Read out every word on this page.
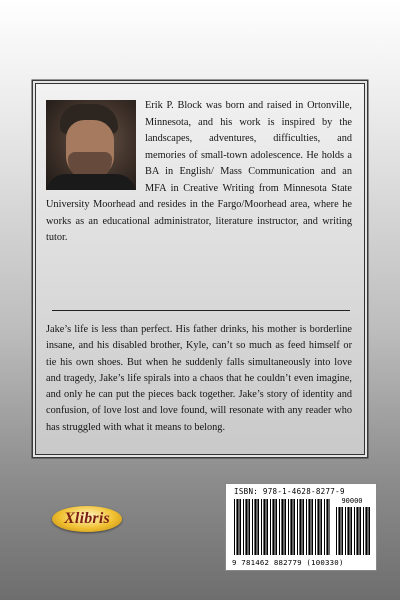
Erik P. Block was born and raised in Ortonville, Minnesota, and his work is inspired by the landscapes, adventures, difficulties, and memories of small-town adolescence. He holds a BA in English/ Mass Communication and an MFA in Creative Writing from Minnesota State University Moorhead and resides in the Fargo/Moorhead area, where he works as an educational administrator, literature instructor, and writing tutor.
Jake’s life is less than perfect. His father drinks, his mother is borderline insane, and his disabled brother, Kyle, can’t so much as feed himself or tie his own shoes. But when he suddenly falls simultaneously into love and tragedy, Jake’s life spirals into a chaos that he couldn’t even imagine, and only he can put the pieces back together. Jake’s story of identity and confusion, of love lost and love found, will resonate with any reader who has struggled with what it means to belong.
Xlibris
ISBN: 978-1-4628-8277-9
90000
9 781462 882779 (100330)
